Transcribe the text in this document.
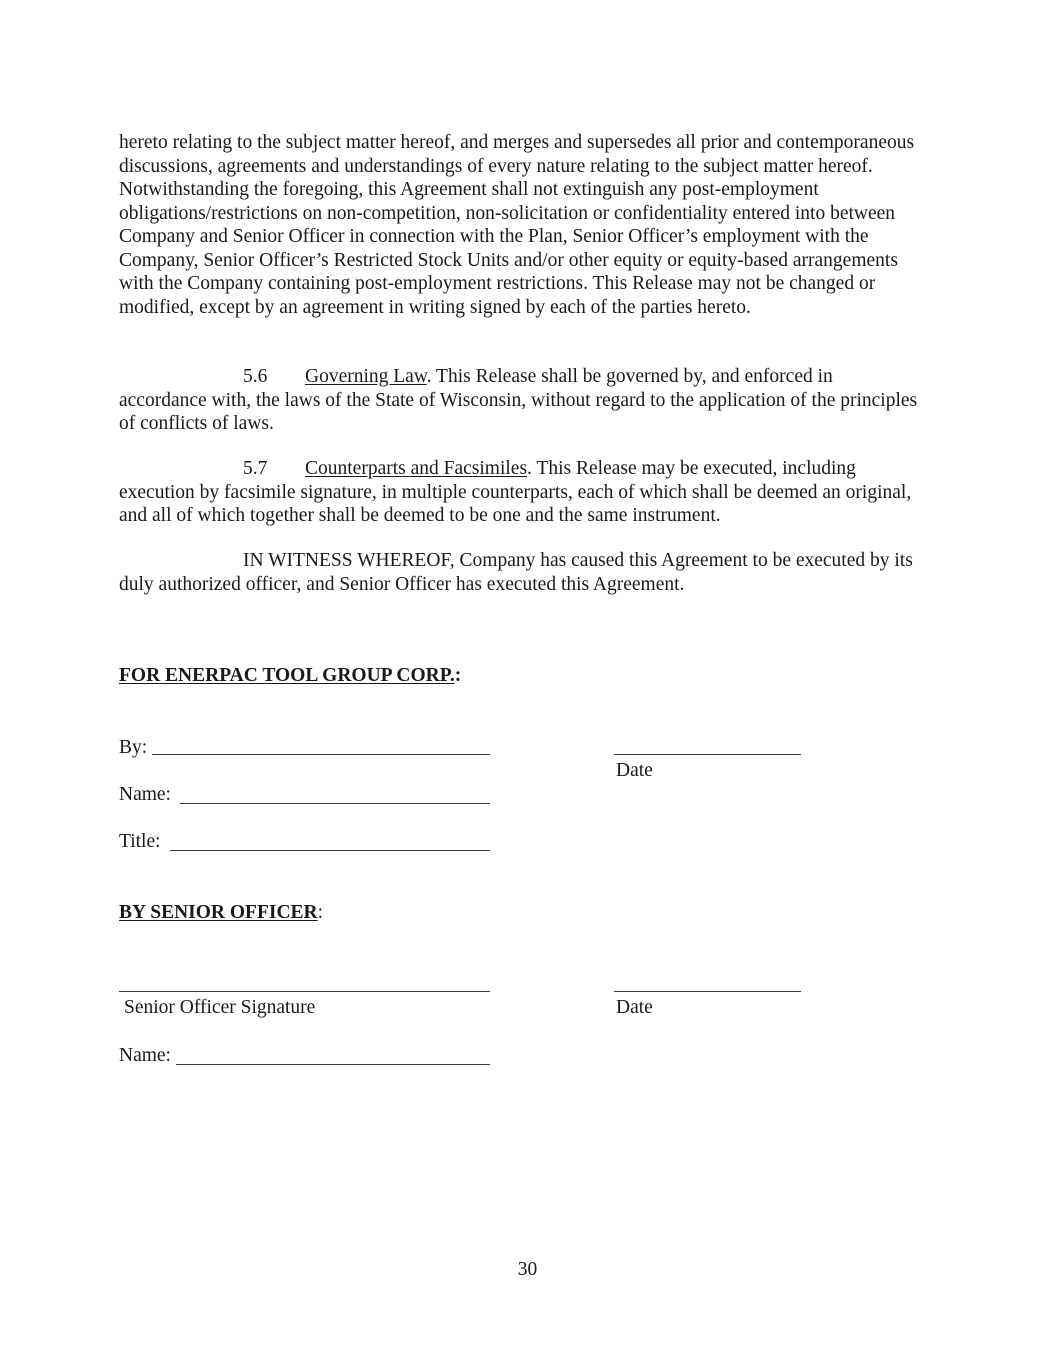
hereto relating to the subject matter hereof, and merges and supersedes all prior and contemporaneous discussions, agreements and understandings of every nature relating to the subject matter hereof. Notwithstanding the foregoing, this Agreement shall not extinguish any post-employment obligations/restrictions on non-competition, non-solicitation or confidentiality entered into between Company and Senior Officer in connection with the Plan, Senior Officer’s employment with the Company, Senior Officer’s Restricted Stock Units and/or other equity or equity-based arrangements with the Company containing post-employment restrictions. This Release may not be changed or modified, except by an agreement in writing signed by each of the parties hereto.

5.6 Governing Law. This Release shall be governed by, and enforced in accordance with, the laws of the State of Wisconsin, without regard to the application of the principles of conflicts of laws.

5.7 Counterparts and Facsimiles. This Release may be executed, including execution by facsimile signature, in multiple counterparts, each of which shall be deemed an original, and all of which together shall be deemed to be one and the same instrument.

IN WITNESS WHEREOF, Company has caused this Agreement to be executed by its duly authorized officer, and Senior Officer has executed this Agreement.

FOR ENERPAC TOOL GROUP CORP.:

By:
Date
Name:
Title:

BY SENIOR OFFICER:

Senior Officer Signature	Date
Name:
30
